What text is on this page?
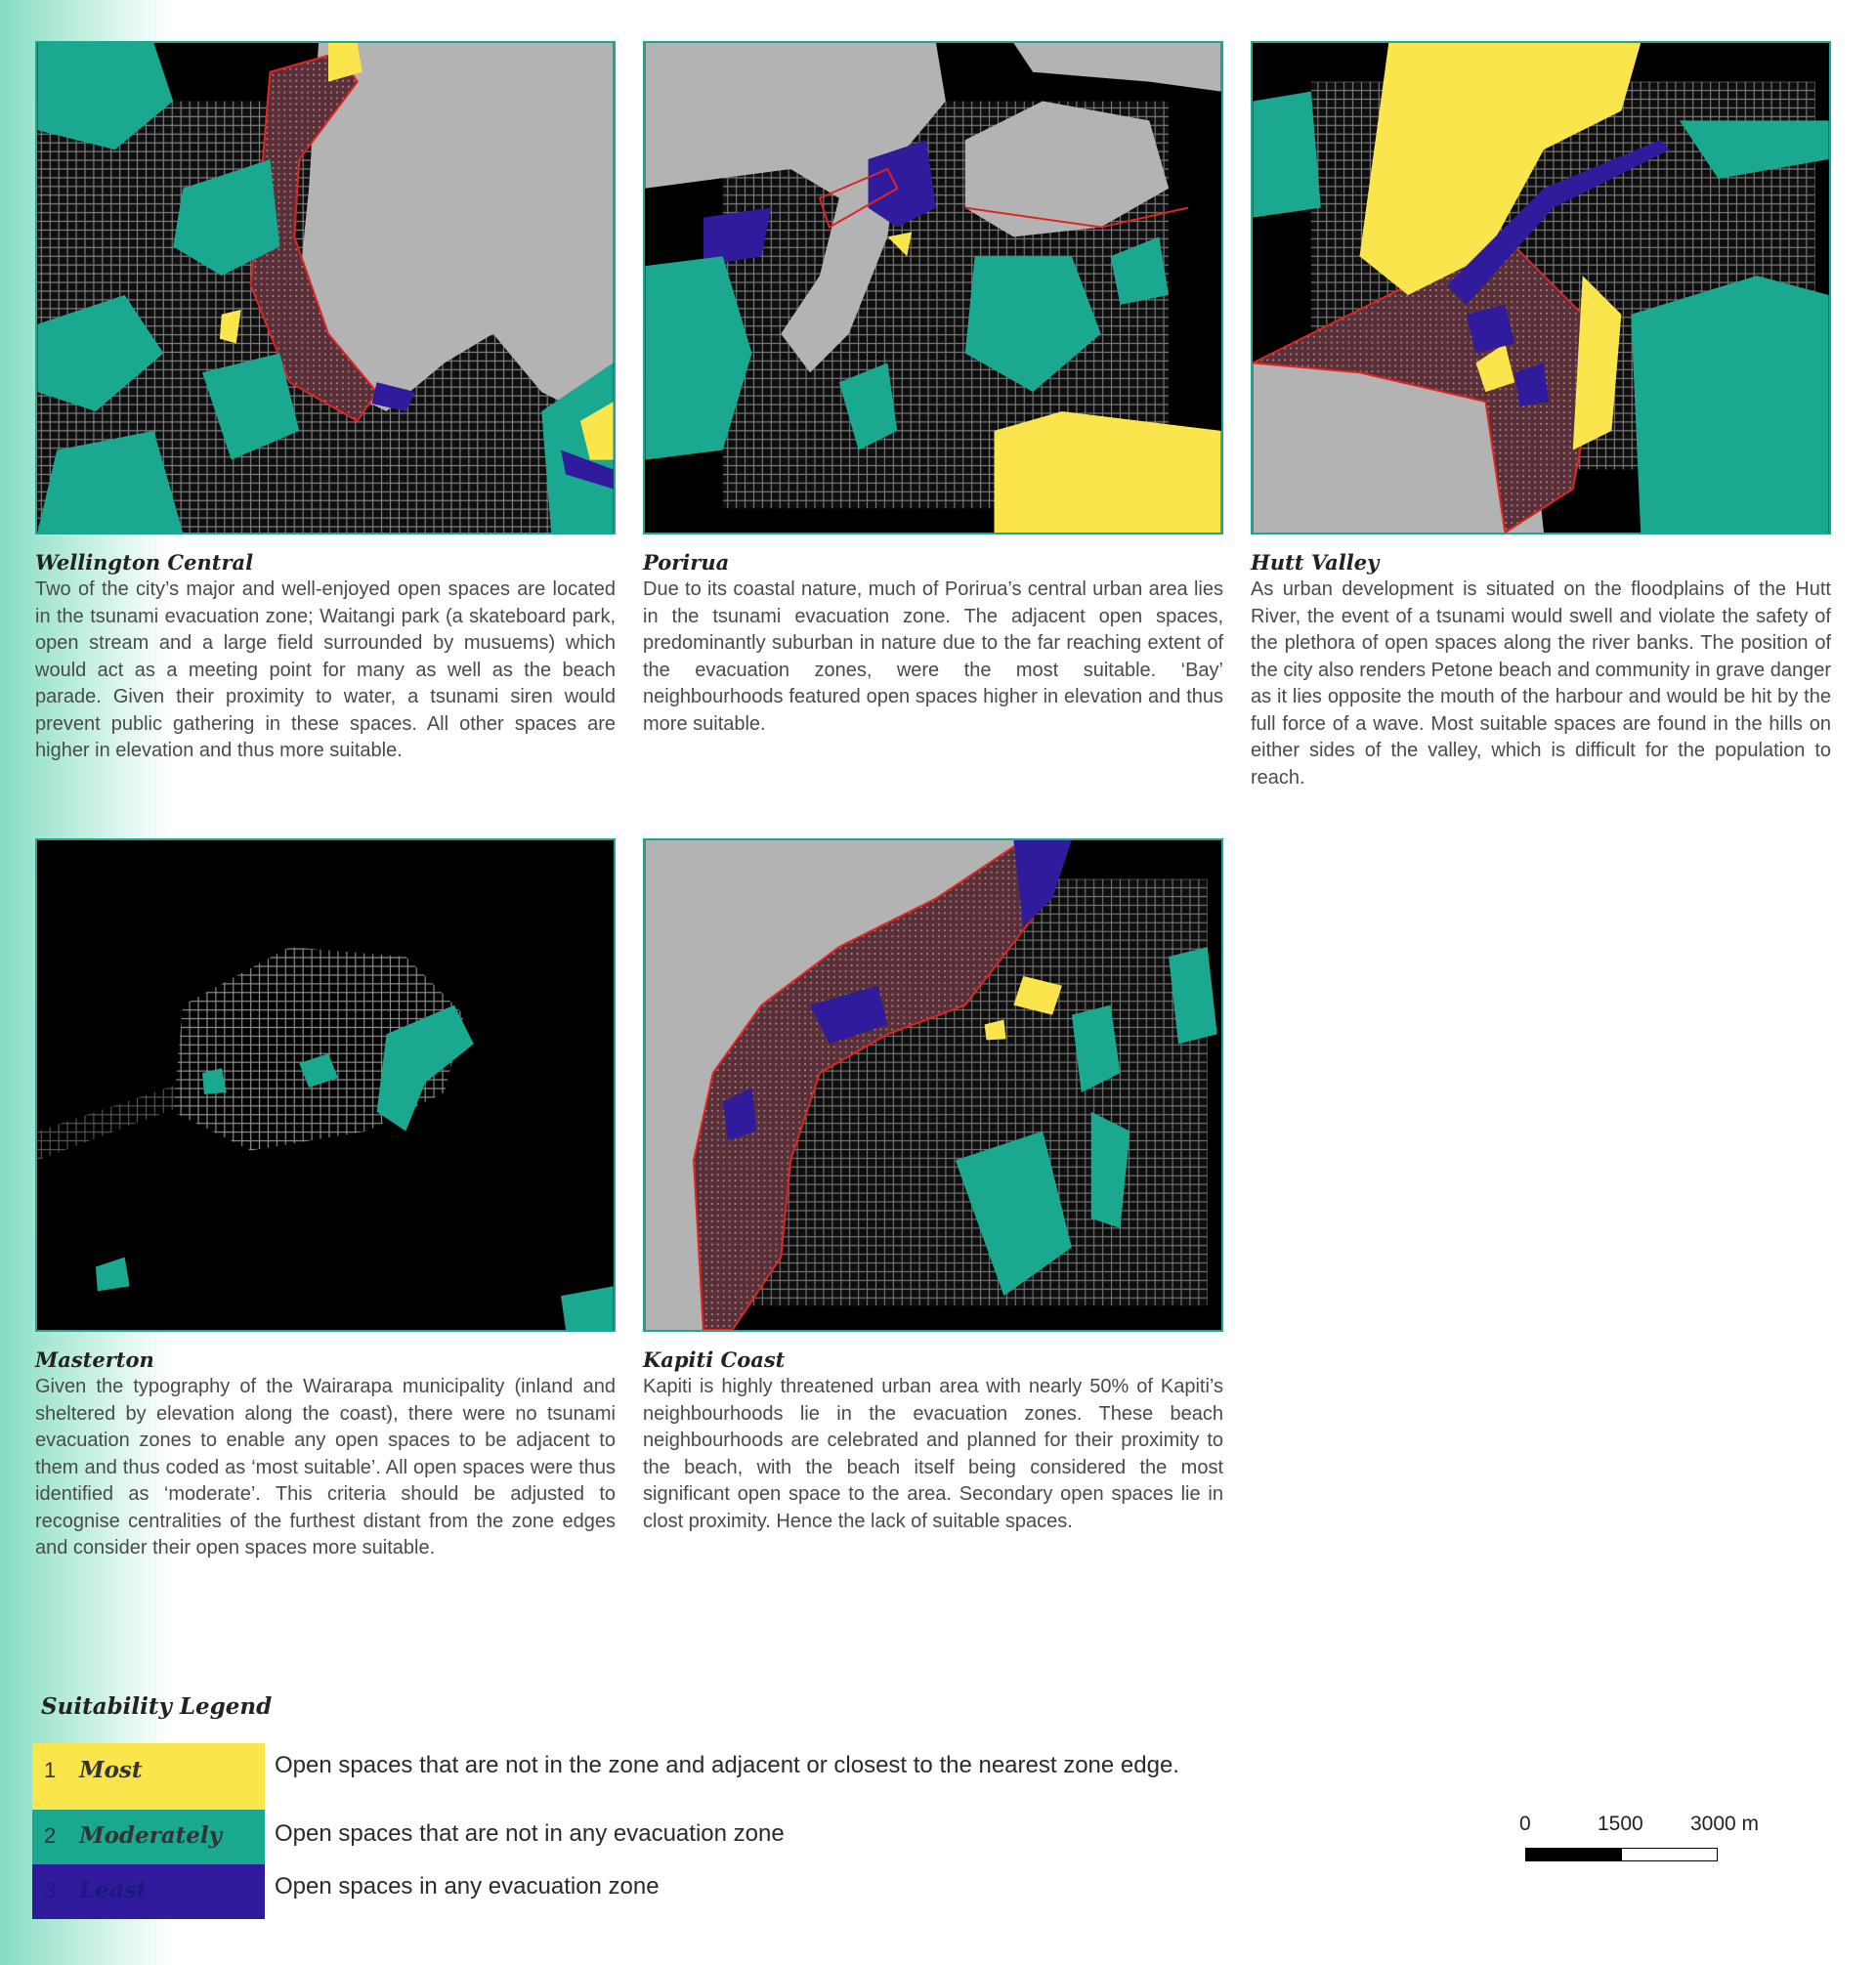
Wellington Central

Two of the city’s major and well-enjoyed open spaces are located in the tsunami evacuation zone; Waitangi park (a skateboard park, open stream and a large field surrounded by musuems) which would act as a meeting point for many as well as the beach parade. Given their proximity to water, a tsunami siren would prevent public gathering in these spaces. All other spaces are higher in elevation and thus more suitable.

Porirua

Due to its coastal nature, much of Porirua’s central urban area lies in the tsunami evacuation zone. The adjacent open spaces, predominantly suburban in nature due to the far reaching extent of the evacuation zones, were the most suitable. ‘Bay’ neighbourhoods featured open spaces higher in elevation and thus more suitable.

Hutt Valley

As urban development is situated on the floodplains of the Hutt River, the event of a tsunami would swell and violate the safety of the plethora of open spaces along the river banks. The position of the city also renders Petone beach and community in grave danger as it lies opposite the mouth of the harbour and would be hit by the full force of a wave. Most suitable spaces are found in the hills on either sides of the valley, which is difficult for the population to reach.

Masterton

Given the typography of the Wairarapa municipality (inland and sheltered by elevation along the coast), there were no tsunami evacuation zones to enable any open spaces to be adjacent to them and thus coded as ‘most suitable’. All open spaces were thus identified as ‘moderate’. This criteria should be adjusted to recognise centralities of the furthest distant from the zone edges and consider their open spaces more suitable.

Kapiti Coast

Kapiti is highly threatened urban area with nearly 50% of Kapiti’s neighbourhoods lie in the evacuation zones. These beach neighbourhoods are celebrated and planned for their proximity to the beach, with the beach itself being considered the most significant open space to the area. Secondary open spaces lie in clost proximity. Hence the lack of suitable spaces.

Suitability Legend
1 Most	Open spaces that are not in the zone and adjacent or closest to the nearest zone edge.
2 Moderately	Open spaces that are not in any evacuation zone
3 Least	Open spaces in any evacuation zone
0	1500 3000 m
